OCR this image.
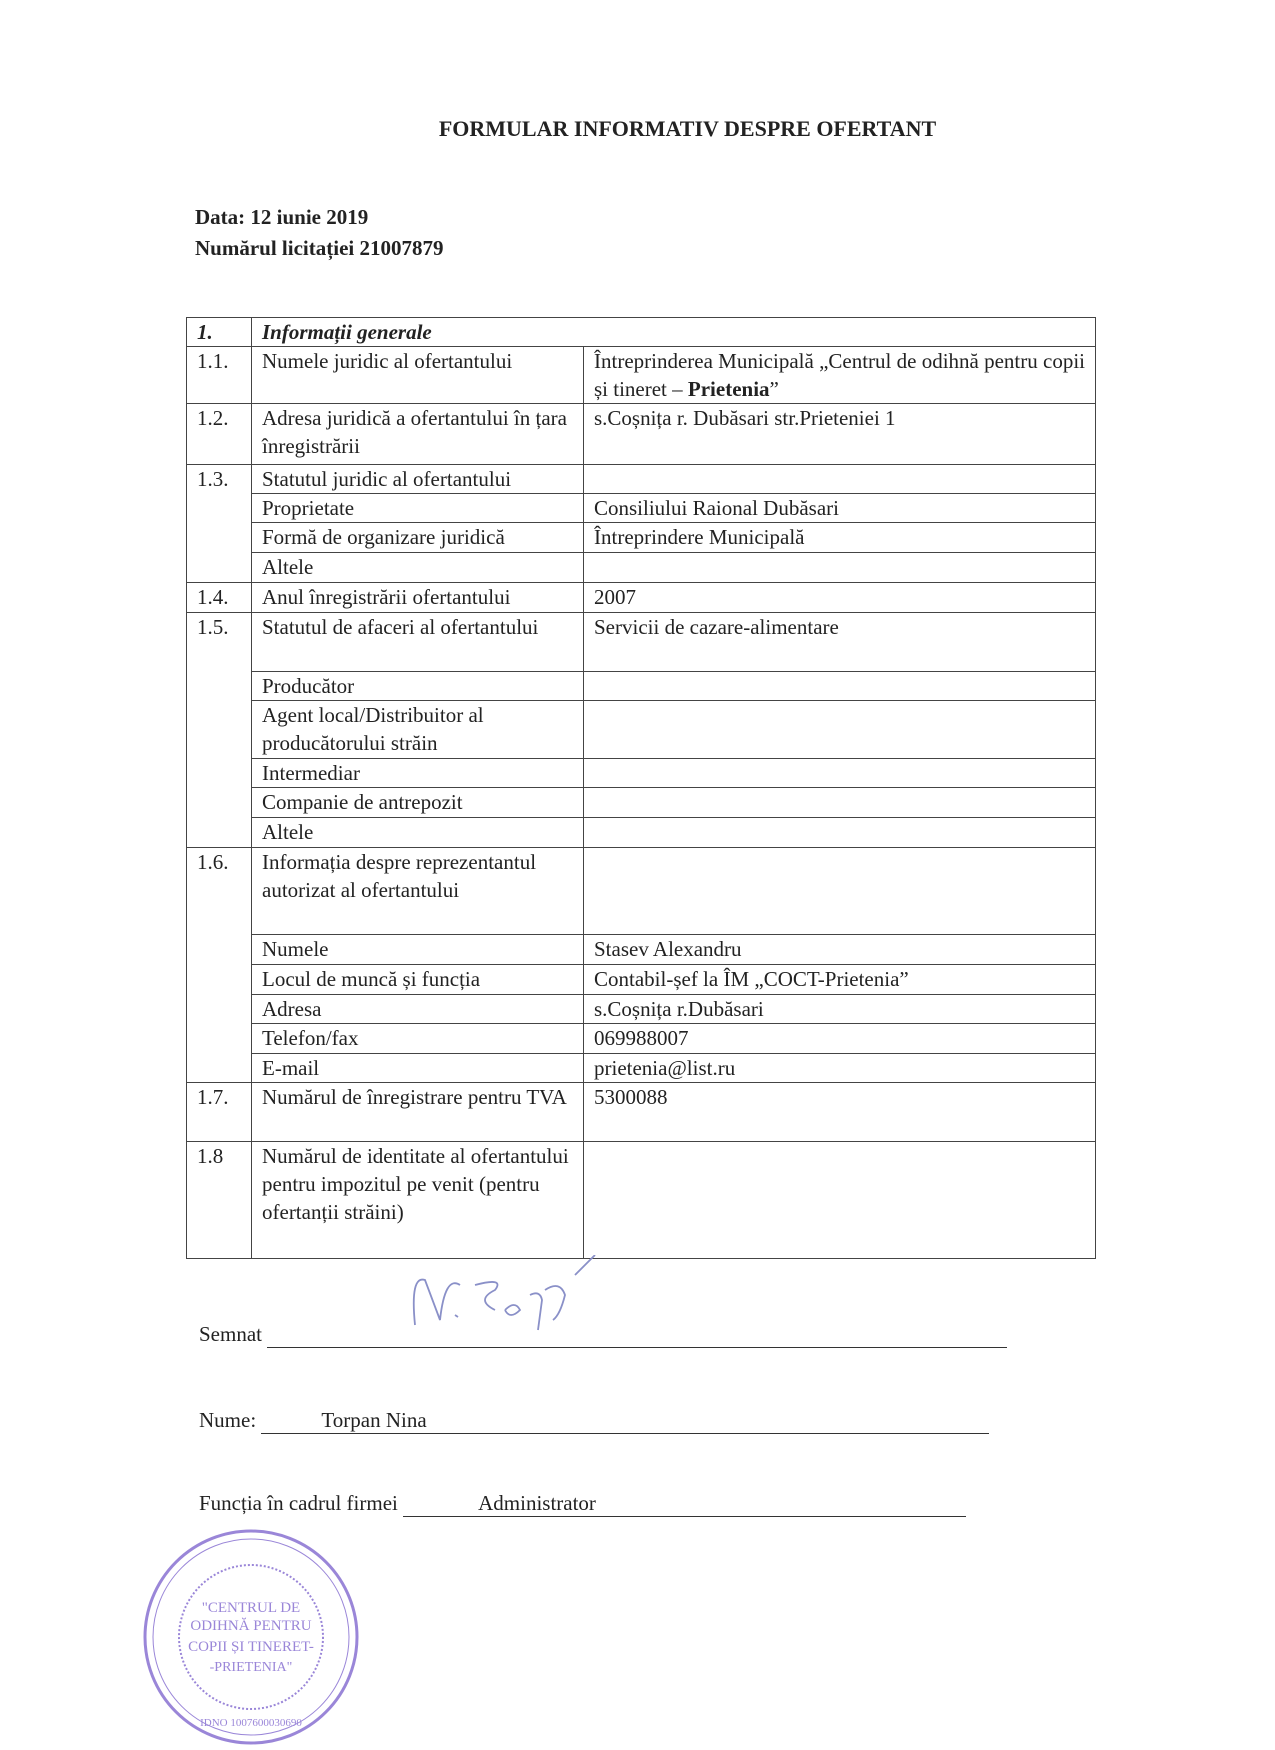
FORMULAR INFORMATIV DESPRE OFERTANT
Data: 12 iunie 2019
Numărul licitației 21007879
1.	Informații generale	
1.1.	Numele juridic al ofertantului	Întreprinderea Municipală „Centrul de odihnă pentru copii și tineret – Prietenia”
1.2.	Adresa juridică a ofertantului în țara înregistrării	s.Coșnița r. Dubăsari str.Prieteniei 1
1.3.	Statutul juridic al ofertantului	
	Proprietate	Consiliului Raional Dubăsari
	Formă de organizare juridică	Întreprindere Municipală
	Altele	
1.4.	Anul înregistrării ofertantului	2007
1.5.	Statutul de afaceri al ofertantului	Servicii de cazare-alimentare
	Producător	
	Agent local/Distribuitor al producătorului străin	
	Intermediar	
	Companie de antrepozit	
	Altele	
1.6.	Informația despre reprezentantul autorizat al ofertantului	
	Numele	Stasev Alexandru
	Locul de muncă și funcția	Contabil-șef la ÎM „COCT-Prietenia”
	Adresa	s.Coșnița r.Dubăsari
	Telefon/fax	069988007
	E-mail	prietenia@list.ru
1.7.	Numărul de înregistrare pentru TVA	5300088
1.8	Numărul de identitate al ofertantului pentru impozitul pe venit (pentru ofertanții străini)	
Semnat
Nume:	Torpan Nina
Funcția în cadrul firmei	Administrator
"CENTRUL DE
ODIHNĂ PENTRU
COPII ȘI TINERET-
-PRIETENIA"
IDNO 1007600030690
